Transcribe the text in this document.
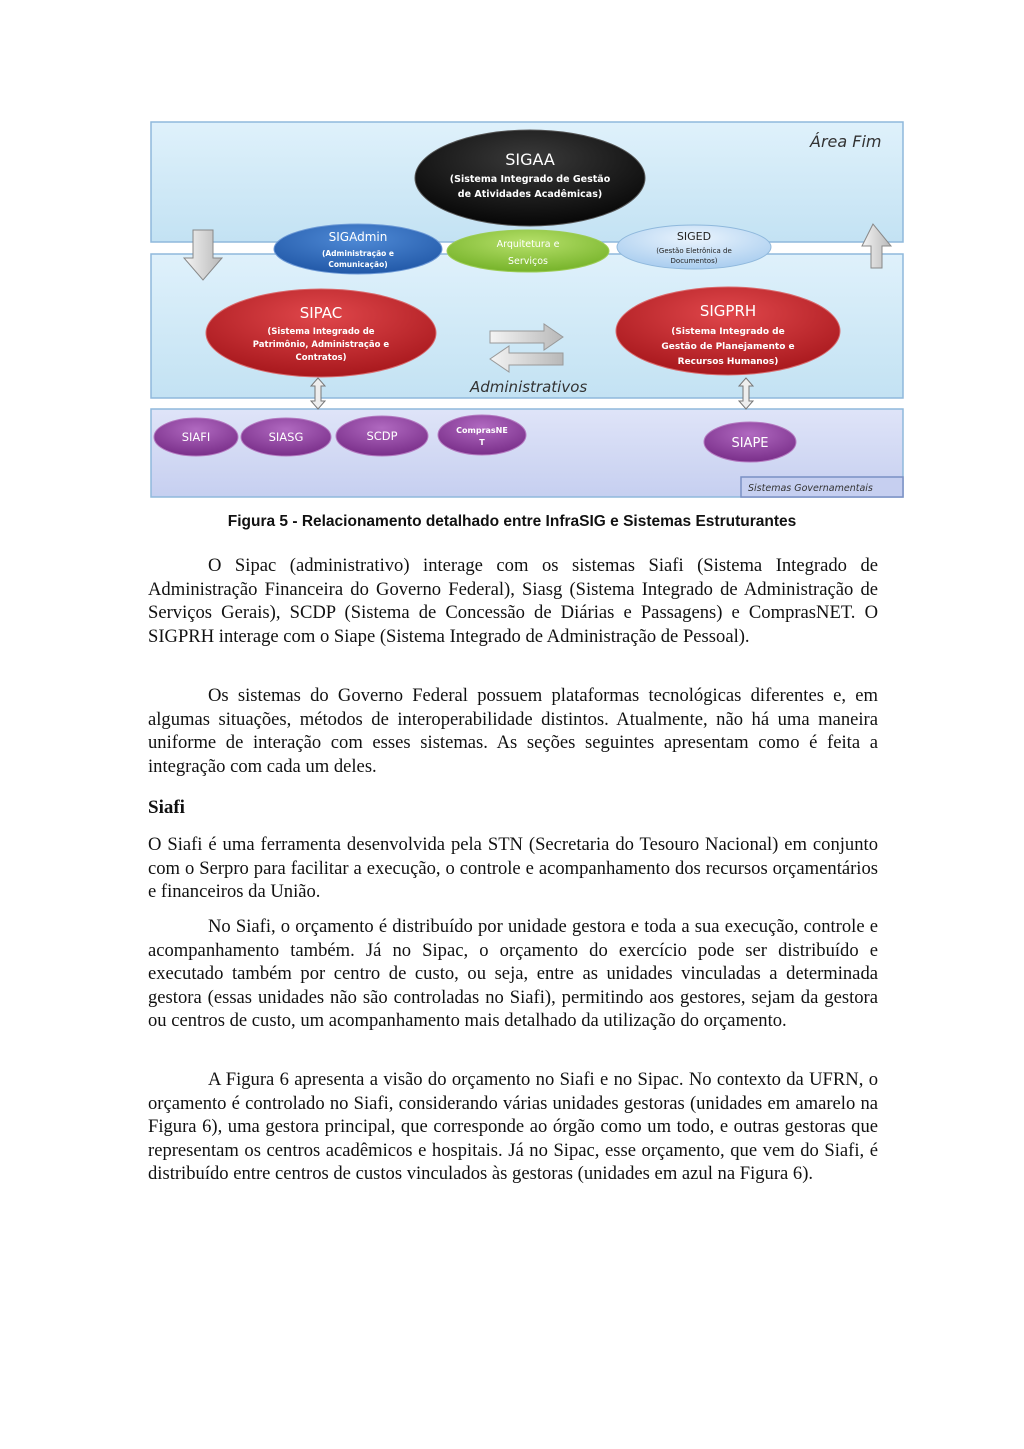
Área Fim
Administrativos
Sistemas Governamentais
SIGAA
(Sistema Integrado de Gestão
de Atividades Acadêmicas)
SIGAdmin
(Administração e
Comunicação)
Arquitetura e
Serviços
SIGED
(Gestão Eletrônica de
Documentos)
SIPAC
(Sistema Integrado de
Patrimônio, Administração e
Contratos)
SIGPRH
(Sistema Integrado de
Gestão de Planejamento e
Recursos Humanos)
SIAFI	SIASG	SCDP	ComprasNE
T	SIAPE
Figura 5 - Relacionamento detalhado entre InfraSIG e Sistemas Estruturantes

O Sipac (administrativo) interage com os sistemas Siafi (Sistema Integrado de Administração Financeira do Governo Federal), Siasg (Sistema Integrado de Administração de Serviços Gerais), SCDP (Sistema de Concessão de Diárias e Passagens) e ComprasNET. O SIGPRH interage com o Siape (Sistema Integrado de Administração de Pessoal).

Os sistemas do Governo Federal possuem plataformas tecnológicas diferentes e, em algumas situações, métodos de interoperabilidade distintos. Atualmente, não há uma maneira uniforme de interação com esses sistemas. As seções seguintes apresentam como é feita a integração com cada um deles.

Siafi

O Siafi é uma ferramenta desenvolvida pela STN (Secretaria do Tesouro Nacional) em conjunto com o Serpro para facilitar a execução, o controle e acompanhamento dos recursos orçamentários e financeiros da União.

No Siafi, o orçamento é distribuído por unidade gestora e toda a sua execução, controle e acompanhamento também. Já no Sipac, o orçamento do exercício pode ser distribuído e executado também por centro de custo, ou seja, entre as unidades vinculadas a determinada gestora (essas unidades não são controladas no Siafi), permitindo aos gestores, sejam da gestora ou centros de custo, um acompanhamento mais detalhado da utilização do orçamento.

A Figura 6 apresenta a visão do orçamento no Siafi e no Sipac. No contexto da UFRN, o orçamento é controlado no Siafi, considerando várias unidades gestoras (unidades em amarelo na Figura 6), uma gestora principal, que corresponde ao órgão como um todo, e outras gestoras que representam os centros acadêmicos e hospitais. Já no Sipac, esse orçamento, que vem do Siafi, é distribuído entre centros de custos vinculados às gestoras (unidades em azul na Figura 6).
